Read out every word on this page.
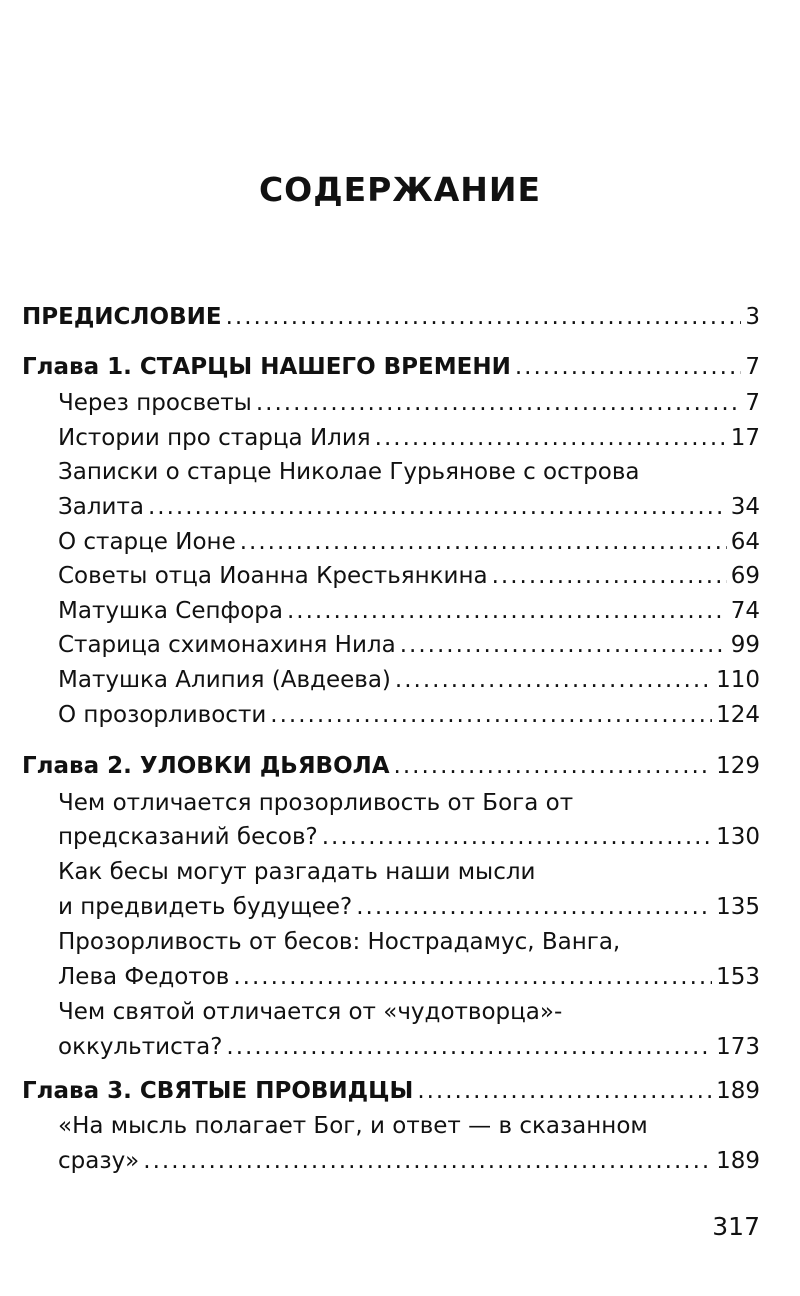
СОДЕРЖАНИЕ
ПРЕДИСЛОВИЕ .....	3
Глава 1. СТАРЦЫ НАШЕГО ВРЕМЕНИ .....	7
Через просветы .....	7
Истории про старца Илия .....	17
Записки о старце Николае Гурьянове с острова
Залита .....	34
О старце Ионе .....	64
Советы отца Иоанна Крестьянкина .....	69
Матушка Сепфора .....	74
Старица схимонахиня Нила .....	99
Матушка Алипия (Авдеева) .....	110
О прозорливости .....	124
Глава 2. УЛОВКИ ДЬЯВОЛА .....	129
Чем отличается прозорливость от Бога от
предсказаний бесов? .....	130
Как бесы могут разгадать наши мысли
и предвидеть будущее? .....	135
Прозорливость от бесов: Нострадамус, Ванга,
Лева Федотов .....	153
Чем святой отличается от «чудотворца»-
оккультиста? .....	173
Глава 3. СВЯТЫЕ ПРОВИДЦЫ .....	189
«На мысль полагает Бог, и ответ — в сказанном
сразу» .....	189
317
